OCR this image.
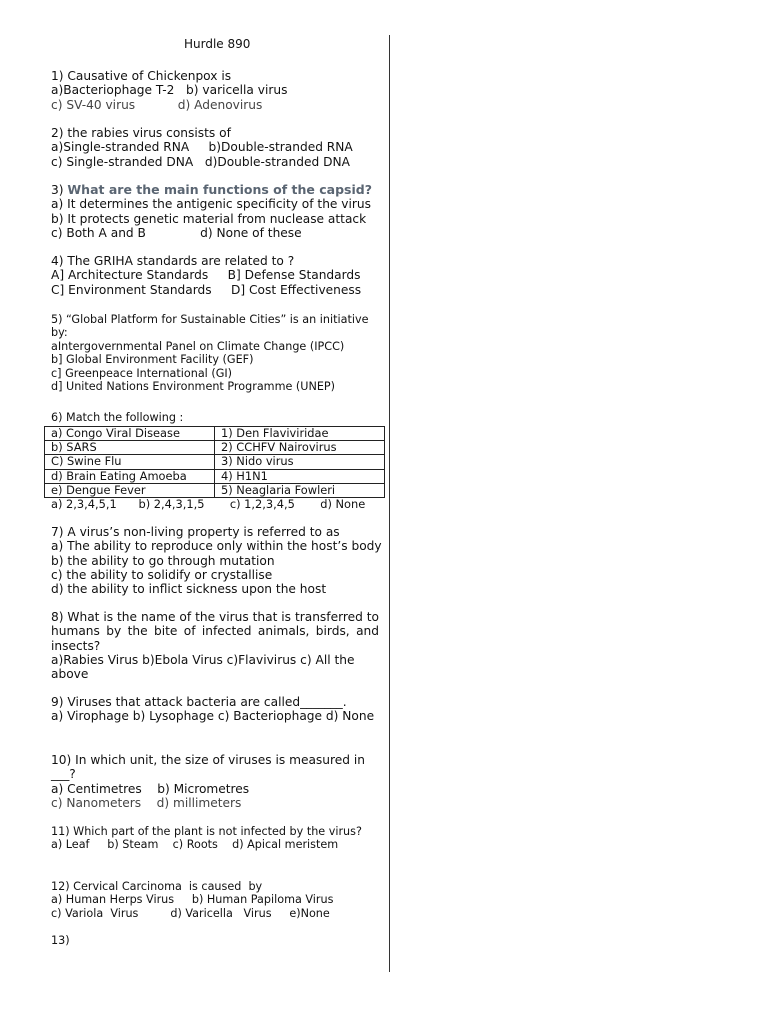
Hurdle 890
1) Causative of Chickenpox is
a)Bacteriophage T-2   b) varicella virus
c) SV-40 virus           d) Adenovirus
2) the rabies virus consists of
a)Single-stranded RNA     b)Double-stranded RNA
c) Single-stranded DNA   d)Double-stranded DNA
3) What are the main functions of the capsid?
a) It determines the antigenic specificity of the virus
b) It protects genetic material from nuclease attack
c) Both A and B              d) None of these
4) The GRIHA standards are related to ?
A] Architecture Standards     B] Defense Standards
C] Environment Standards     D] Cost Effectiveness
5) “Global Platform for Sustainable Cities” is an initiative by:
aIntergovernmental Panel on Climate Change (IPCC)
b] Global Environment Facility (GEF)
c] Greenpeace International (GI)
d] United Nations Environment Programme (UNEP)
6) Match the following :
a) Congo Viral Disease	1) Den Flaviviridae
b) SARS	2) CCHFV Nairovirus
C) Swine Flu	3) Nido virus
d) Brain Eating Amoeba	4) H1N1
e) Dengue Fever	5) Neaglaria Fowleri
a) 2,3,4,5,1      b) 2,4,3,1,5       c) 1,2,3,4,5       d) None
7) A virus’s non-living property is referred to as
a) The ability to reproduce only within the host’s body
b) the ability to go through mutation
c) the ability to solidify or crystallise
d) the ability to inflict sickness upon the host
8) What is the name of the virus that is transferred to humans by the bite of infected animals, birds, and insects?
a)Rabies Virus b)Ebola Virus c)Flavivirus c) All the above
9) Viruses that attack bacteria are called_______.
a) Virophage b) Lysophage c) Bacteriophage d) None
10) In which unit, the size of viruses is measured in ___?
a) Centimetres    b) Micrometres
c) Nanometers    d) millimeters
11) Which part of the plant is not infected by the virus?
a) Leaf     b) Steam    c) Roots    d) Apical meristem
12) Cervical Carcinoma  is caused  by
a) Human Herps Virus     b) Human Papiloma Virus
c) Variola  Virus         d) Varicella   Virus     e)None
13)
